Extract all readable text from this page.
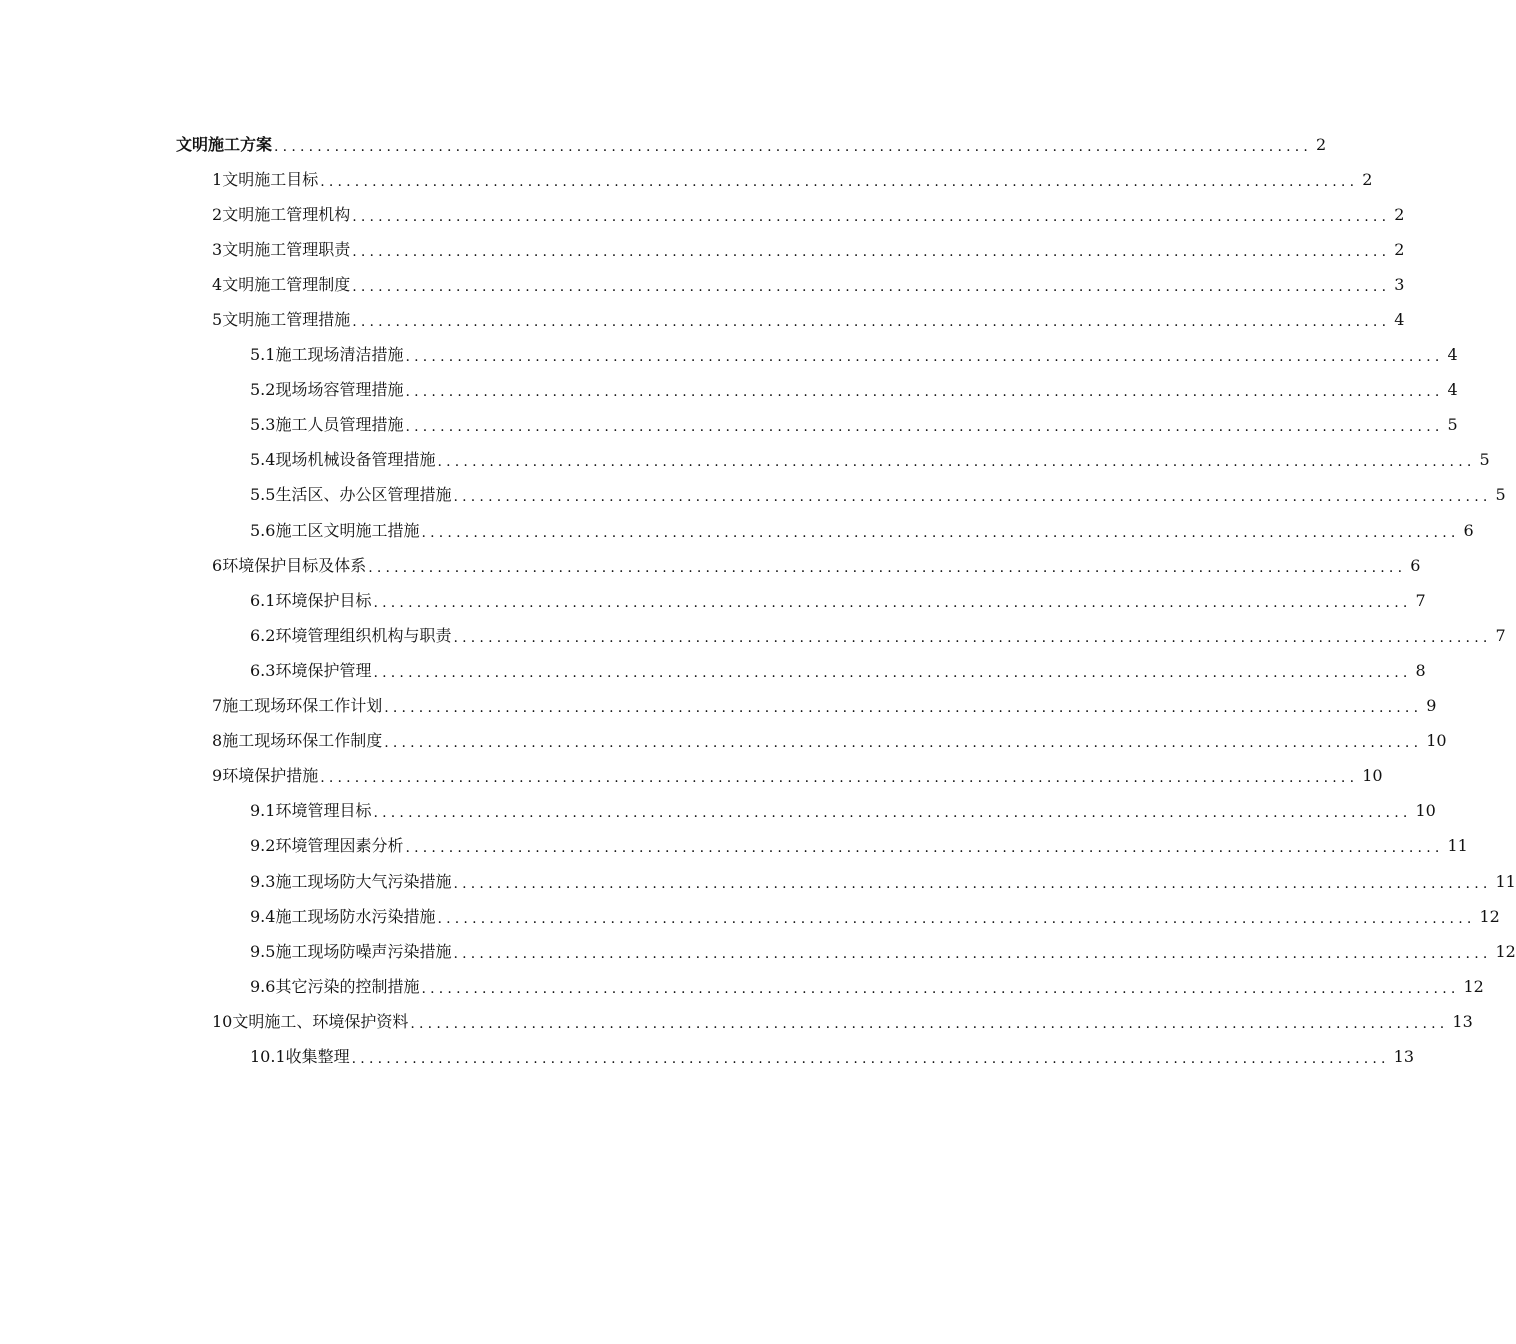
文明施工方案 ........................................................................................................................ 2
1 文明施工目标 ........................................................................................................................ 2
2 文明施工管理机构 ........................................................................................................................ 2
3 文明施工管理职责 ........................................................................................................................ 2
4 文明施工管理制度 ........................................................................................................................ 3
5 文明施工管理措施 ........................................................................................................................ 4
5.1 施工现场清洁措施 ........................................................................................................................ 4
5.2 现场场容管理措施 ........................................................................................................................ 4
5.3 施工人员管理措施 ........................................................................................................................ 5
5.4 现场机械设备管理措施 ........................................................................................................................ 5
5.5 生活区、办公区管理措施 ........................................................................................................................ 5
5.6 施工区文明施工措施 ........................................................................................................................ 6
6 环境保护目标及体系 ........................................................................................................................ 6
6.1 环境保护目标 ........................................................................................................................ 7
6.2 环境管理组织机构与职责 ........................................................................................................................ 7
6.3 环境保护管理 ........................................................................................................................ 8
7 施工现场环保工作计划 ........................................................................................................................ 9
8 施工现场环保工作制度 ........................................................................................................................ 10
9 环境保护措施 ........................................................................................................................ 10
9.1 环境管理目标 ........................................................................................................................ 10
9.2 环境管理因素分析 ........................................................................................................................ 11
9.3 施工现场防大气污染措施 ........................................................................................................................ 11
9.4 施工现场防水污染措施 ........................................................................................................................ 12
9.5 施工现场防噪声污染措施 ........................................................................................................................ 12
9.6 其它污染的控制措施 ........................................................................................................................ 12
10 文明施工、环境保护资料 ........................................................................................................................ 13
10.1 收集整理 ........................................................................................................................ 13
